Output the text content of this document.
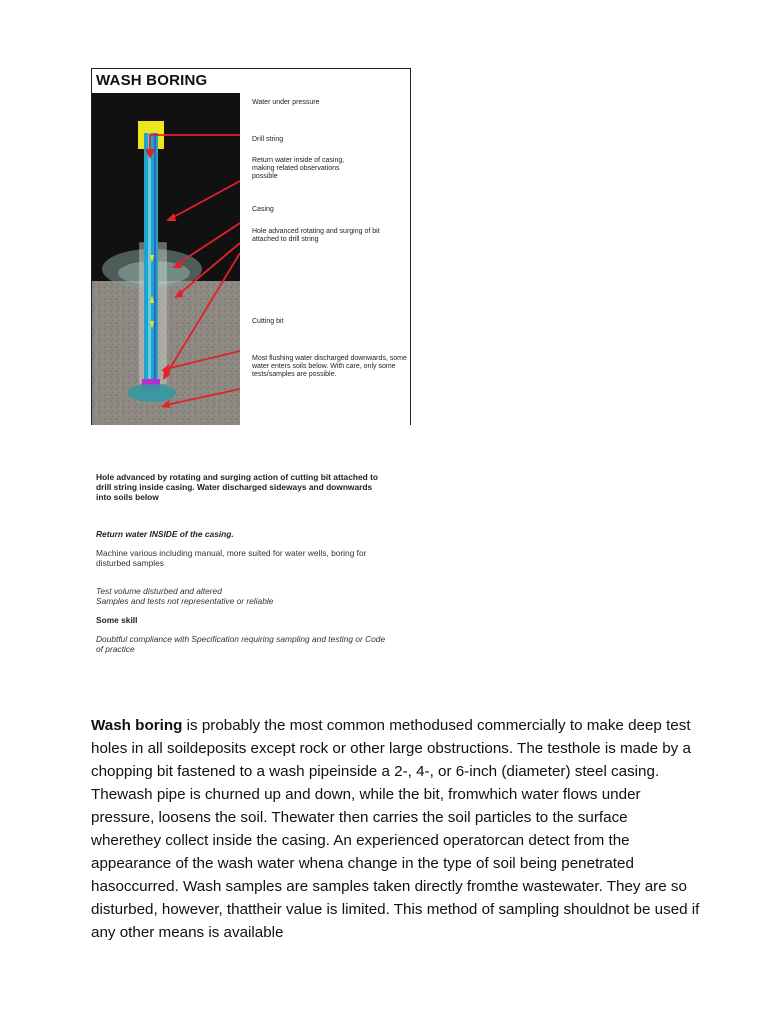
WASH BORING
Water under pressure
Drill string
Return water inside of casing, making related observations possible
Casing
Hole advanced rotating and surging of bit attached to drill string
Cutting bit
Most flushing water discharged downwards, some water enters soils below. With care, only some tests/samples are possible.
Hole advanced by rotating and surging action of cutting bit attached to drill string inside casing. Water discharged sideways and downwards into soils below
Return water INSIDE of the casing.
Machine various including manual, more suited for water wells, boring for disturbed samples
Test volume disturbed and altered
Samples and tests not representative or reliable
Some skill
Doubtful compliance with Specification requiring sampling and testing or Code of practice
Wash boring is probably the most common methodused commercially to make deep test holes in all soildeposits except rock or other large obstructions. The testhole is made by a chopping bit fastened to a wash pipeinside a 2-, 4-, or 6-inch (diameter) steel casing. Thewash pipe is churned up and down, while the bit, fromwhich water flows under pressure, loosens the soil. Thewater then carries the soil particles to the surface wherethey collect inside the casing. An experienced operatorcan detect from the appearance of the wash water whena change in the type of soil being penetrated hasoccurred. Wash samples are samples taken directly fromthe wastewater. They are so disturbed, however, thattheir value is limited. This method of sampling shouldnot be used if any other means is available
